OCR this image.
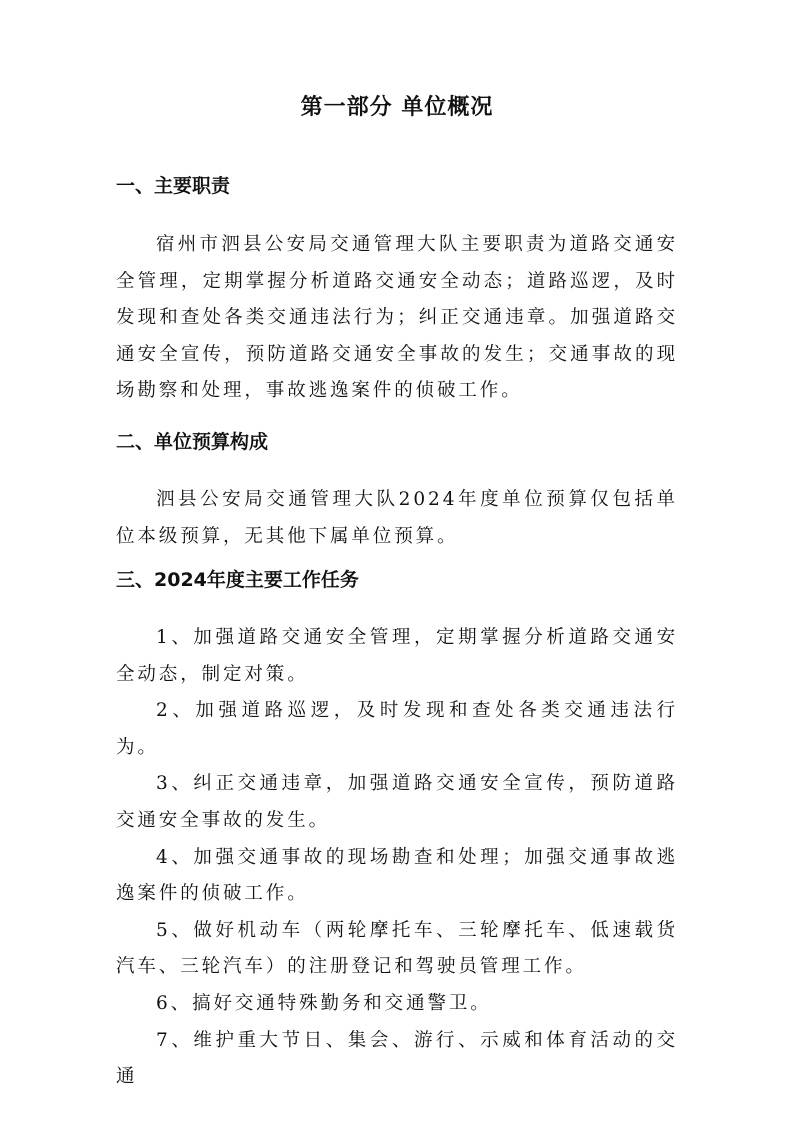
第一部分 单位概况
一、主要职责
宿州市泗县公安局交通管理大队主要职责为道路交通安全管理，定期掌握分析道路交通安全动态；道路巡逻，及时发现和查处各类交通违法行为；纠正交通违章。加强道路交通安全宣传，预防道路交通安全事故的发生；交通事故的现场勘察和处理，事故逃逸案件的侦破工作。
二、单位预算构成
泗县公安局交通管理大队2024年度单位预算仅包括单位本级预算，无其他下属单位预算。
三、2024年度主要工作任务
1、加强道路交通安全管理，定期掌握分析道路交通安全动态，制定对策。
2、加强道路巡逻，及时发现和查处各类交通违法行为。
3、纠正交通违章，加强道路交通安全宣传，预防道路交通安全事故的发生。
4、加强交通事故的现场勘查和处理；加强交通事故逃逸案件的侦破工作。
5、做好机动车（两轮摩托车、三轮摩托车、低速载货汽车、三轮汽车）的注册登记和驾驶员管理工作。
6、搞好交通特殊勤务和交通警卫。
7、维护重大节日、集会、游行、示威和体育活动的交通
